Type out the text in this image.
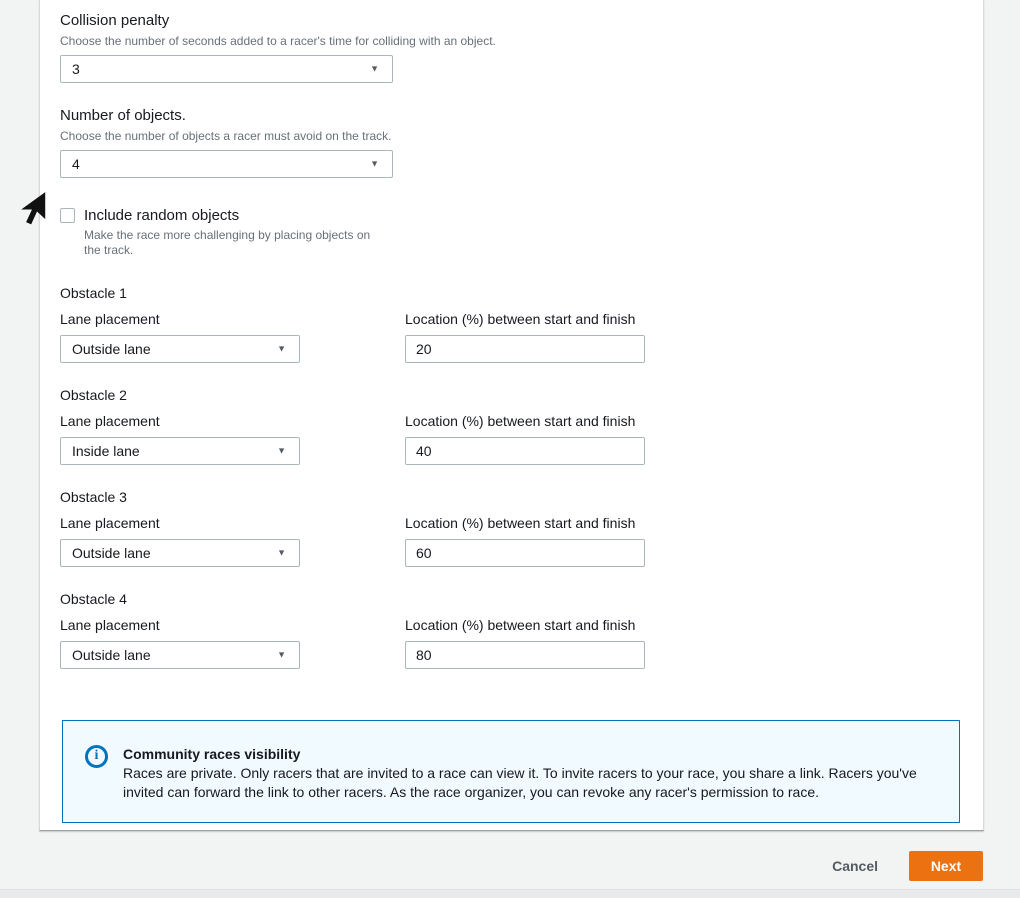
Collision penalty
Choose the number of seconds added to a racer's time for colliding with an object.
3	▼
Number of objects.
Choose the number of objects a racer must avoid on the track.
4	▼
Include random objects
Make the race more challenging by placing objects on the track.
Obstacle 1
Lane placement
Outside lane	▼
Location (%) between start and finish
20
Obstacle 2
Lane placement
Inside lane	▼
Location (%) between start and finish
40
Obstacle 3
Lane placement
Outside lane	▼
Location (%) between start and finish
60
Obstacle 4
Lane placement
Outside lane	▼
Location (%) between start and finish
80
i Community races visibility
Races are private. Only racers that are invited to a race can view it. To invite racers to your race, you share a link. Racers you've invited can forward the link to other racers. As the race organizer, you can revoke any racer's permission to race.
Cancel	Next
